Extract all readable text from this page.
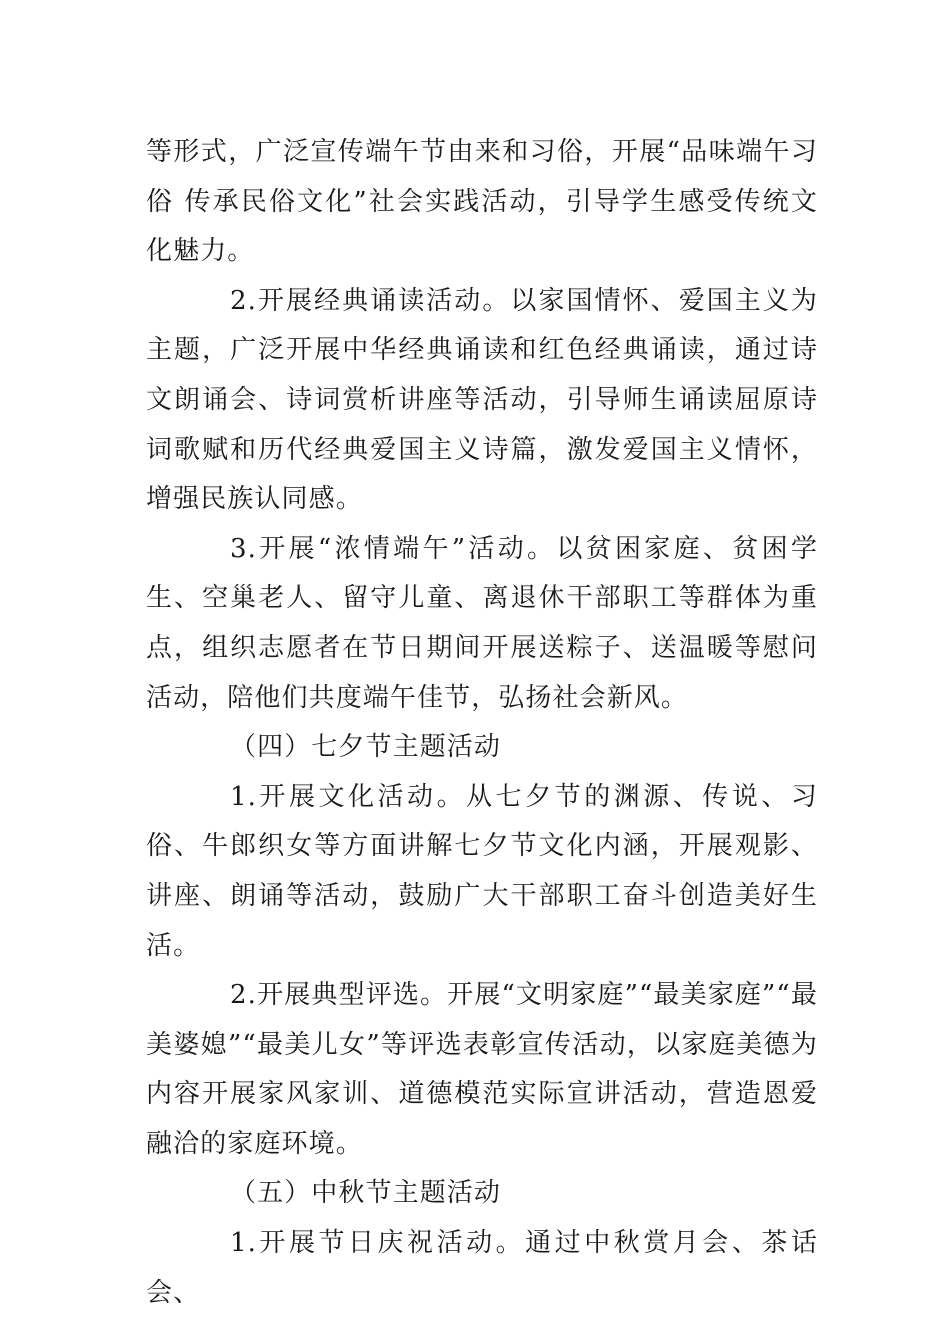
等形式，广泛宣传端午节由来和习俗，开展“品味端午习俗 传承民俗文化”社会实践活动，引导学生感受传统文化魅力。

2.开展经典诵读活动。以家国情怀、爱国主义为主题，广泛开展中华经典诵读和红色经典诵读，通过诗文朗诵会、诗词赏析讲座等活动，引导师生诵读屈原诗词歌赋和历代经典爱国主义诗篇，激发爱国主义情怀，增强民族认同感。

3.开展“浓情端午”活动。以贫困家庭、贫困学生、空巢老人、留守儿童、离退休干部职工等群体为重点，组织志愿者在节日期间开展送粽子、送温暖等慰问活动，陪他们共度端午佳节，弘扬社会新风。

（四）七夕节主题活动

1.开展文化活动。从七夕节的渊源、传说、习俗、牛郎织女等方面讲解七夕节文化内涵，开展观影、讲座、朗诵等活动，鼓励广大干部职工奋斗创造美好生活。

2.开展典型评选。开展“文明家庭”“最美家庭”“最美婆媳”“最美儿女”等评选表彰宣传活动，以家庭美德为内容开展家风家训、道德模范实际宣讲活动，营造恩爱融洽的家庭环境。

（五）中秋节主题活动

1.开展节日庆祝活动。通过中秋赏月会、茶话会、
